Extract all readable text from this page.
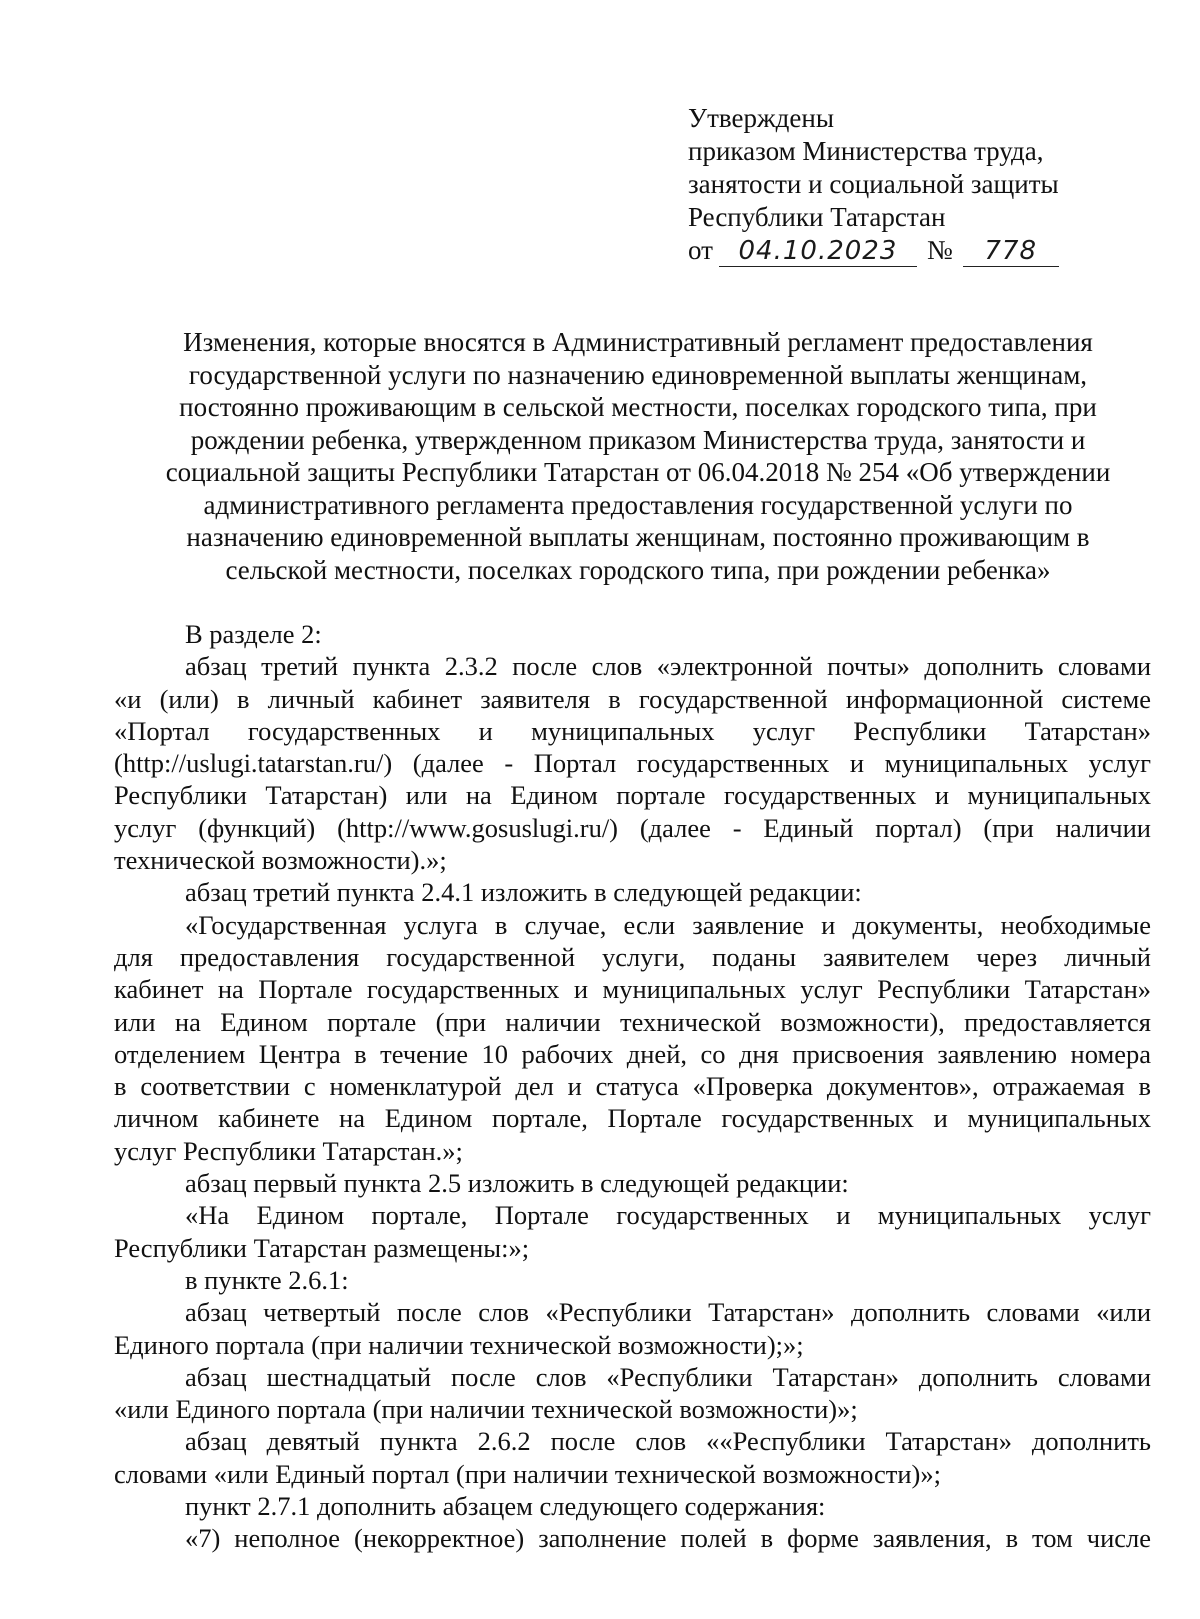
Утверждены
приказом Министерства труда,
занятости и социальной защиты
Республики Татарстан
от 04.10.2023	№	778
Изменения, которые вносятся в Административный регламент предоставления
государственной услуги по назначению единовременной выплаты женщинам,
постоянно проживающим в сельской местности, поселках городского типа, при
рождении ребенка, утвержденном приказом Министерства труда, занятости и
социальной защиты Республики Татарстан от 06.04.2018 № 254 «Об утверждении
административного регламента предоставления государственной услуги по
назначению единовременной выплаты женщинам, постоянно проживающим в
сельской местности, поселках городского типа, при рождении ребенка»
В разделе 2:
абзац третий пункта 2.3.2 после слов «электронной почты» дополнить словами
«и (или) в личный кабинет заявителя в государственной информационной системе
«Портал государственных и муниципальных услуг Республики Татарстан»
(http://uslugi.tatarstan.ru/) (далее - Портал государственных и муниципальных услуг
Республики Татарстан) или на Едином портале государственных и муниципальных
услуг (функций) (http://www.gosuslugi.ru/) (далее - Единый портал) (при наличии
технической возможности).»;
абзац третий пункта 2.4.1 изложить в следующей редакции:
«Государственная услуга в случае, если заявление и документы, необходимые
для предоставления государственной услуги, поданы заявителем через личный
кабинет на Портале государственных и муниципальных услуг Республики Татарстан»
или на Едином портале (при наличии технической возможности), предоставляется
отделением Центра в течение 10 рабочих дней, со дня присвоения заявлению номера
в соответствии с номенклатурой дел и статуса «Проверка документов», отражаемая в
личном кабинете на Едином портале, Портале государственных и муниципальных
услуг Республики Татарстан.»;
абзац первый пункта 2.5 изложить в следующей редакции:
«На Едином портале, Портале государственных и муниципальных услуг
Республики Татарстан размещены:»;
в пункте 2.6.1:
абзац четвертый после слов «Республики Татарстан» дополнить словами «или
Единого портала (при наличии технической возможности);»;
абзац шестнадцатый после слов «Республики Татарстан» дополнить словами
«или Единого портала (при наличии технической возможности)»;
абзац девятый пункта 2.6.2 после слов ««Республики Татарстан» дополнить
словами «или Единый портал (при наличии технической возможности)»;
пункт 2.7.1 дополнить абзацем следующего содержания:
«7) неполное (некорректное) заполнение полей в форме заявления, в том числе
